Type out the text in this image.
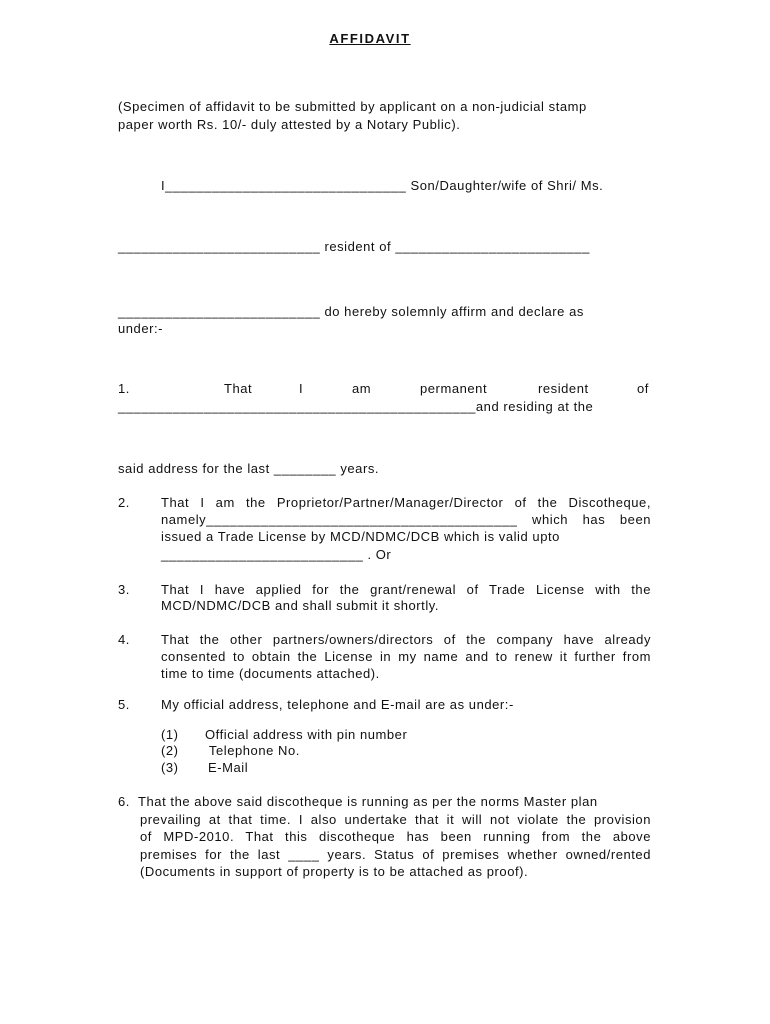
AFFIDAVIT
(Specimen of affidavit to be submitted by applicant on a non-judicial stamp
paper worth Rs. 10/- duly attested by a Notary Public).
I_______________________________ Son/Daughter/wife of Shri/ Ms.
__________________________ resident of _________________________
__________________________ do hereby solemnly affirm and declare as
under:-
1.	That	I	am	permanent	resident	of
______________________________________________and residing at the
said address for the last ________ years.
2. That I am the Proprietor/Partner/Manager/Director of the Discotheque,
namely________________________________________ which has been
issued a Trade License by MCD/NDMC/DCB which is valid upto
__________________________ . Or
3. That I have applied for the grant/renewal of Trade License with the
MCD/NDMC/DCB and shall submit it shortly.
4. That the other partners/owners/directors of the company have already
consented to obtain the License in my name and to renew it further from
time to time (documents attached).
5. My official address, telephone and E-mail are as under:-
(1) Official address with pin number
(2) Telephone No.
(3) E-Mail
6.  That the above said discotheque is running as per the norms Master plan
prevailing at that time. I also undertake that it will not violate the provision
of MPD-2010. That this discotheque has been running from the above
premises for the last ____ years. Status of premises whether owned/rented
(Documents in support of property is to be attached as proof).
